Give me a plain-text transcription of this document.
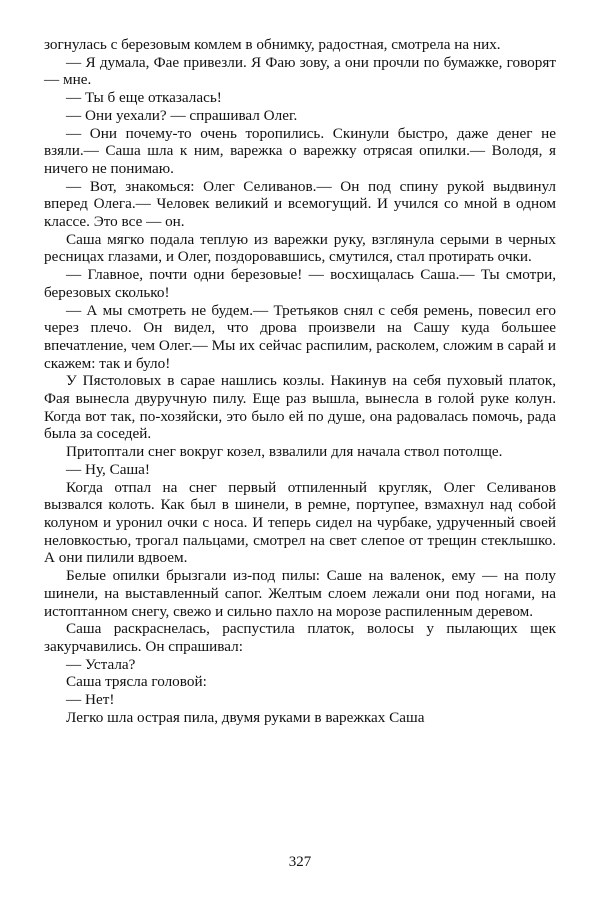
зогнулась с березовым комлем в обнимку, радостная, смотрела на них.

— Я думала, Фае привезли. Я Фаю зову, а они прочли по бумажке, говорят — мне.

— Ты б еще отказалась!

— Они уехали? — спрашивал Олег.

— Они почему-то очень торопились. Скинули быстро, даже денег не взяли.— Саша шла к ним, варежка о варежку отрясая опилки.— Володя, я ничего не понимаю.

— Вот, знакомься: Олег Селиванов.— Он под спину рукой выдвинул вперед Олега.— Человек великий и всемогущий. И учился со мной в одном классе. Это все — он.

Саша мягко подала теплую из варежки руку, взглянула серыми в черных ресницах глазами, и Олег, поздоровавшись, смутился, стал протирать очки.

— Главное, почти одни березовые! — восхищалась Саша.— Ты смотри, березовых сколько!

— А мы смотреть не будем.— Третьяков снял с себя ремень, повесил его через плечо. Он видел, что дрова произвели на Сашу куда большее впечатление, чем Олег.— Мы их сейчас распилим, расколем, сложим в сарай и скажем: так и було!

У Пястоловых в сарае нашлись козлы. Накинув на себя пуховый платок, Фая вынесла двуручную пилу. Еще раз вышла, вынесла в голой руке колун. Когда вот так, по-хозяйски, это было ей по душе, она радовалась помочь, рада была за соседей.

Притоптали снег вокруг козел, взвалили для начала ствол потолще.

— Ну, Саша!

Когда отпал на снег первый отпиленный кругляк, Олег Селиванов вызвался колоть. Как был в шинели, в ремне, портупее, взмахнул над собой колуном и уронил очки с носа. И теперь сидел на чурбаке, удрученный своей неловкостью, трогал пальцами, смотрел на свет слепое от трещин стеклышко. А они пилили вдвоем.

Белые опилки брызгали из-под пилы: Саше на валенок, ему — на полу шинели, на выставленный сапог. Желтым слоем лежали они под ногами, на истоптанном снегу, свежо и сильно пахло на морозе распиленным деревом.

Саша раскраснелась, распустила платок, волосы у пылающих щек закурчавились. Он спрашивал:

— Устала?

Саша трясла головой:

— Нет!

Легко шла острая пила, двумя руками в варежках Саша

327
